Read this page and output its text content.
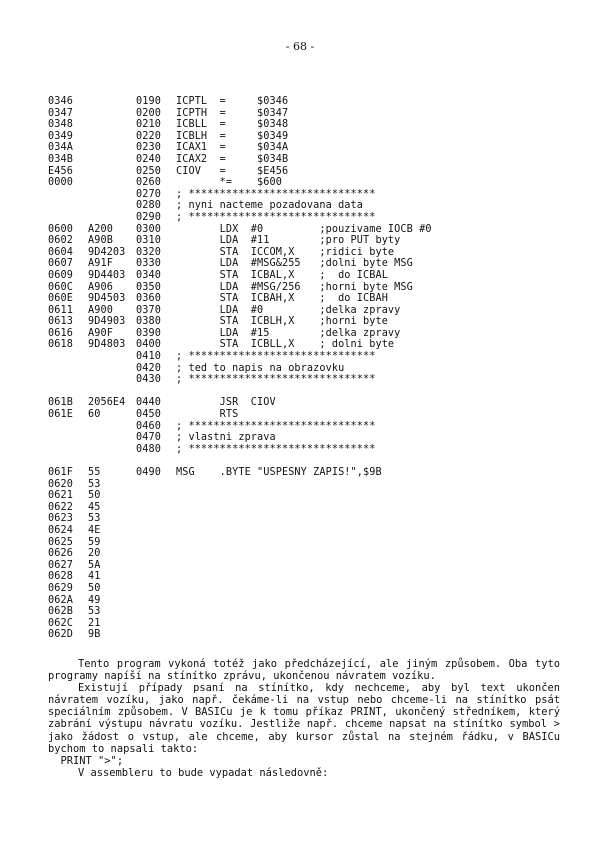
- 68 -
0346	0190	ICPTL  =     $0346
0347	0200	ICPTH  =     $0347
0348	0210	ICBLL  =     $0348
0349	0220	ICBLH  =     $0349
034A	0230	ICAX1  =     $034A
034B	0240	ICAX2  =     $034B
E456	0250	CIOV   =     $E456
0000	0260	*=    $600
0270	; ******************************
0280	; nyni nacteme pozadovana data
0290	; ******************************
0600	A200	0300	LDX  #0         ;pouzivame IOCB #0
0602	A90B	0310	LDA  #11        ;pro PUT byty
0604	9D4203	0320	STA  ICCOM,X    ;ridici byte
0607	A91F	0330	LDA  #MSG&255   ;dolni byte MSG
0609	9D4403	0340	STA  ICBAL,X    ;  do ICBAL
060C	A906	0350	LDA  #MSG/256   ;horni byte MSG
060E	9D4503	0360	STA  ICBAH,X    ;  do ICBAH
0611	A900	0370	LDA  #0         ;delka zpravy
0613	9D4903	0380	STA  ICBLH,X    ;horni byte
0616	A90F	0390	LDA  #15        ;delka zpravy
0618	9D4803	0400	STA  ICBLL,X    ; dolni byte
0410	; ******************************
0420	; ted to napis na obrazovku
0430	; ******************************
061B	2056E4	0440	JSR  CIOV
061E	60	0450	RTS
0460	; ******************************
0470	; vlastni zprava
0480	; ******************************
061F	55	0490	MSG    .BYTE "USPESNY ZAPIS!",$9B
0620	53
0621	50
0622	45
0623	53
0624	4E
0625	59
0626	20
0627	5A
0628	41
0629	50
062A	49
062B	53
062C	21
062D	9B

Tento program vykoná totéž jako předcházející, ale jiným způsobem. Oba tyto programy napíší na stínítko zprávu, ukončenou návratem vozíku.

Existují případy psaní na stínítko, kdy nechceme, aby byl text ukončen návratem vozíku, jako např. čekáme-li na vstup nebo chceme-li na stínítko psát speciálním způsobem. V BASICu je k tomu příkaz PRINT, ukončený středníkem, který zabrání výstupu návratu vozíku. Jestliže např. chceme napsat na stínítko symbol > jako žádost o vstup, ale chceme, aby kursor zůstal na stejném řádku, v BASICu bychom to napsali takto:

PRINT ">";

V assembleru to bude vypadat následovně:
